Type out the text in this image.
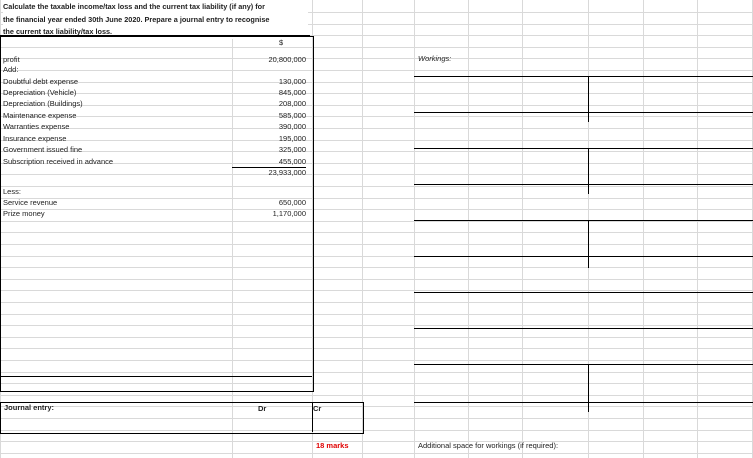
Calculate the taxable income/tax loss and the current tax liability (if any) for
the financial year ended 30th June 2020. Prepare a journal entry to recognise
the current tax liability/tax loss.
$
profit	20,800,000
Add:
Doubtful debt expense	130,000
Depreciation (Vehicle)	845,000
Depreciation (Buildings)	208,000
Maintenance expense	585,000
Warranties expense	390,000
Insurance expense	195,000
Government issued fine	325,000
Subscription received in advance	455,000
23,933,000
Less:
Service revenue	650,000
Prize money	1,170,000
Workings:
Journal entry:	Dr	Cr
18 marks	Additional space for workings (if required):
